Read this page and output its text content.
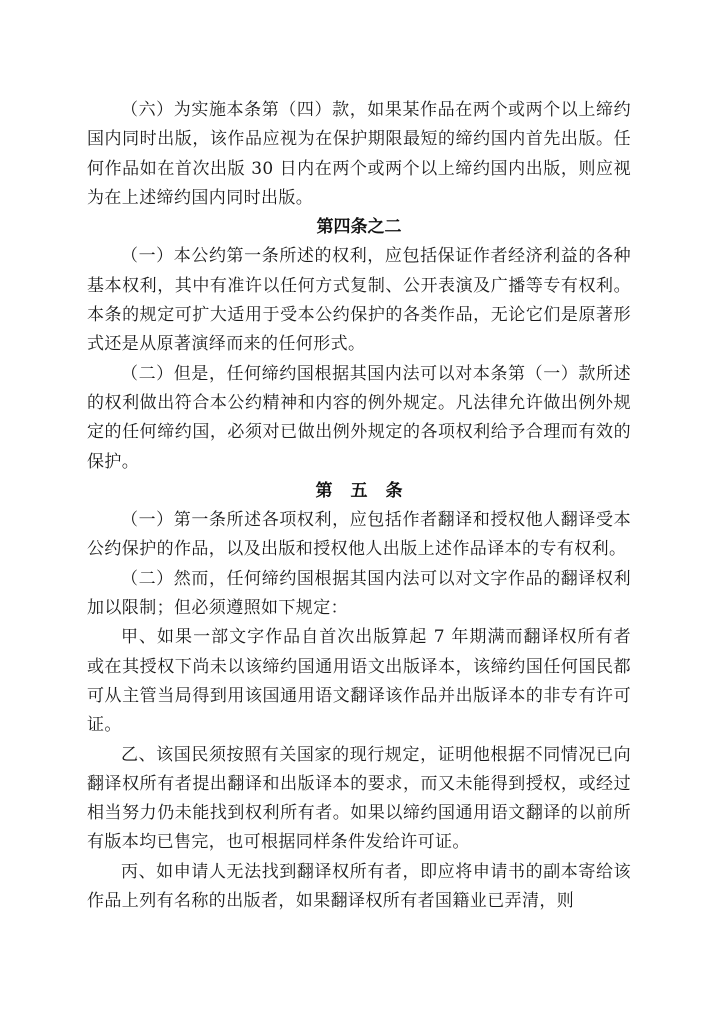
（六）为实施本条第（四）款，如果某作品在两个或两个以上缔约国内同时出版，该作品应视为在保护期限最短的缔约国内首先出版。任何作品如在首次出版 30 日内在两个或两个以上缔约国内出版，则应视为在上述缔约国内同时出版。

第四条之二

（一）本公约第一条所述的权利，应包括保证作者经济利益的各种基本权利，其中有准许以任何方式复制、公开表演及广播等专有权利。本条的规定可扩大适用于受本公约保护的各类作品，无论它们是原著形式还是从原著演绎而来的任何形式。

（二）但是，任何缔约国根据其国内法可以对本条第（一）款所述的权利做出符合本公约精神和内容的例外规定。凡法律允许做出例外规定的任何缔约国，必须对已做出例外规定的各项权利给予合理而有效的保护。

第五条

（一）第一条所述各项权利，应包括作者翻译和授权他人翻译受本公约保护的作品，以及出版和授权他人出版上述作品译本的专有权利。

（二）然而，任何缔约国根据其国内法可以对文字作品的翻译权利加以限制；但必须遵照如下规定：

甲、如果一部文字作品自首次出版算起 7 年期满而翻译权所有者或在其授权下尚未以该缔约国通用语文出版译本，该缔约国任何国民都可从主管当局得到用该国通用语文翻译该作品并出版译本的非专有许可证。

乙、该国民须按照有关国家的现行规定，证明他根据不同情况已向翻译权所有者提出翻译和出版译本的要求，而又未能得到授权，或经过相当努力仍未能找到权利所有者。如果以缔约国通用语文翻译的以前所有版本均已售完，也可根据同样条件发给许可证。

丙、如申请人无法找到翻译权所有者，即应将申请书的副本寄给该作品上列有名称的出版者，如果翻译权所有者国籍业已弄清，则
